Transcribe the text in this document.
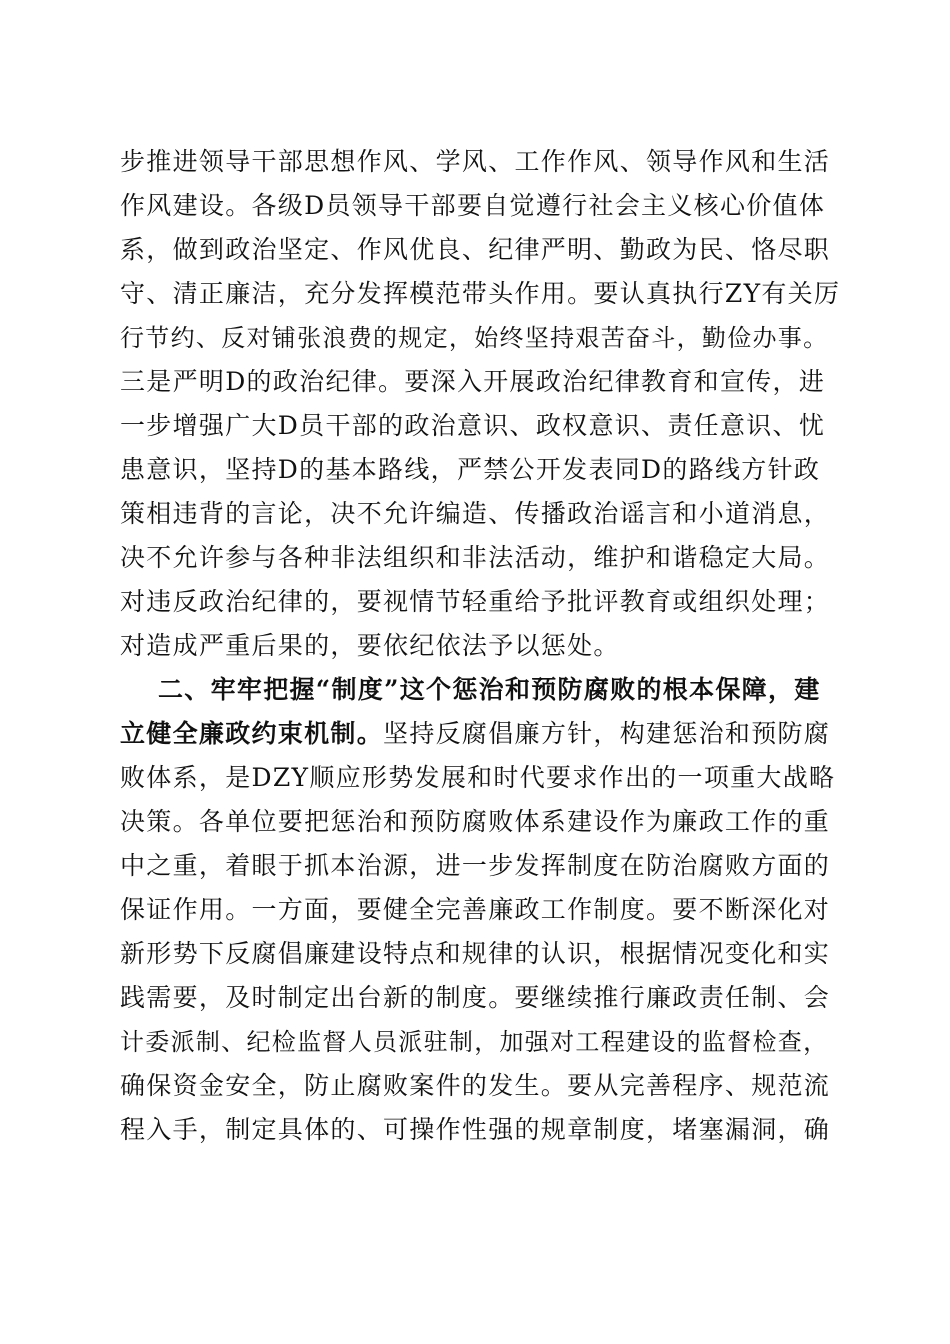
步推进领导干部思想作风、学风、工作作风、领导作风和生活
作风建设。各级D员领导干部要自觉遵行社会主义核心价值体
系，做到政治坚定、作风优良、纪律严明、勤政为民、恪尽职
守、清正廉洁，充分发挥模范带头作用。要认真执行ZY有关厉
行节约、反对铺张浪费的规定，始终坚持艰苦奋斗，勤俭办事。
三是严明D的政治纪律。要深入开展政治纪律教育和宣传，进
一步增强广大D员干部的政治意识、政权意识、责任意识、忧
患意识，坚持D的基本路线，严禁公开发表同D的路线方针政
策相违背的言论，决不允许编造、传播政治谣言和小道消息，
决不允许参与各种非法组织和非法活动，维护和谐稳定大局。
对违反政治纪律的，要视情节轻重给予批评教育或组织处理；
对造成严重后果的，要依纪依法予以惩处。
二、牢牢把握“制度”这个惩治和预防腐败的根本保障，建
立健全廉政约束机制。坚持反腐倡廉方针，构建惩治和预防腐
败体系，是DZY顺应形势发展和时代要求作出的一项重大战略
决策。各单位要把惩治和预防腐败体系建设作为廉政工作的重
中之重，着眼于抓本治源，进一步发挥制度在防治腐败方面的
保证作用。一方面，要健全完善廉政工作制度。要不断深化对
新形势下反腐倡廉建设特点和规律的认识，根据情况变化和实
践需要，及时制定出台新的制度。要继续推行廉政责任制、会
计委派制、纪检监督人员派驻制，加强对工程建设的监督检查，
确保资金安全，防止腐败案件的发生。要从完善程序、规范流
程入手，制定具体的、可操作性强的规章制度，堵塞漏洞，确
